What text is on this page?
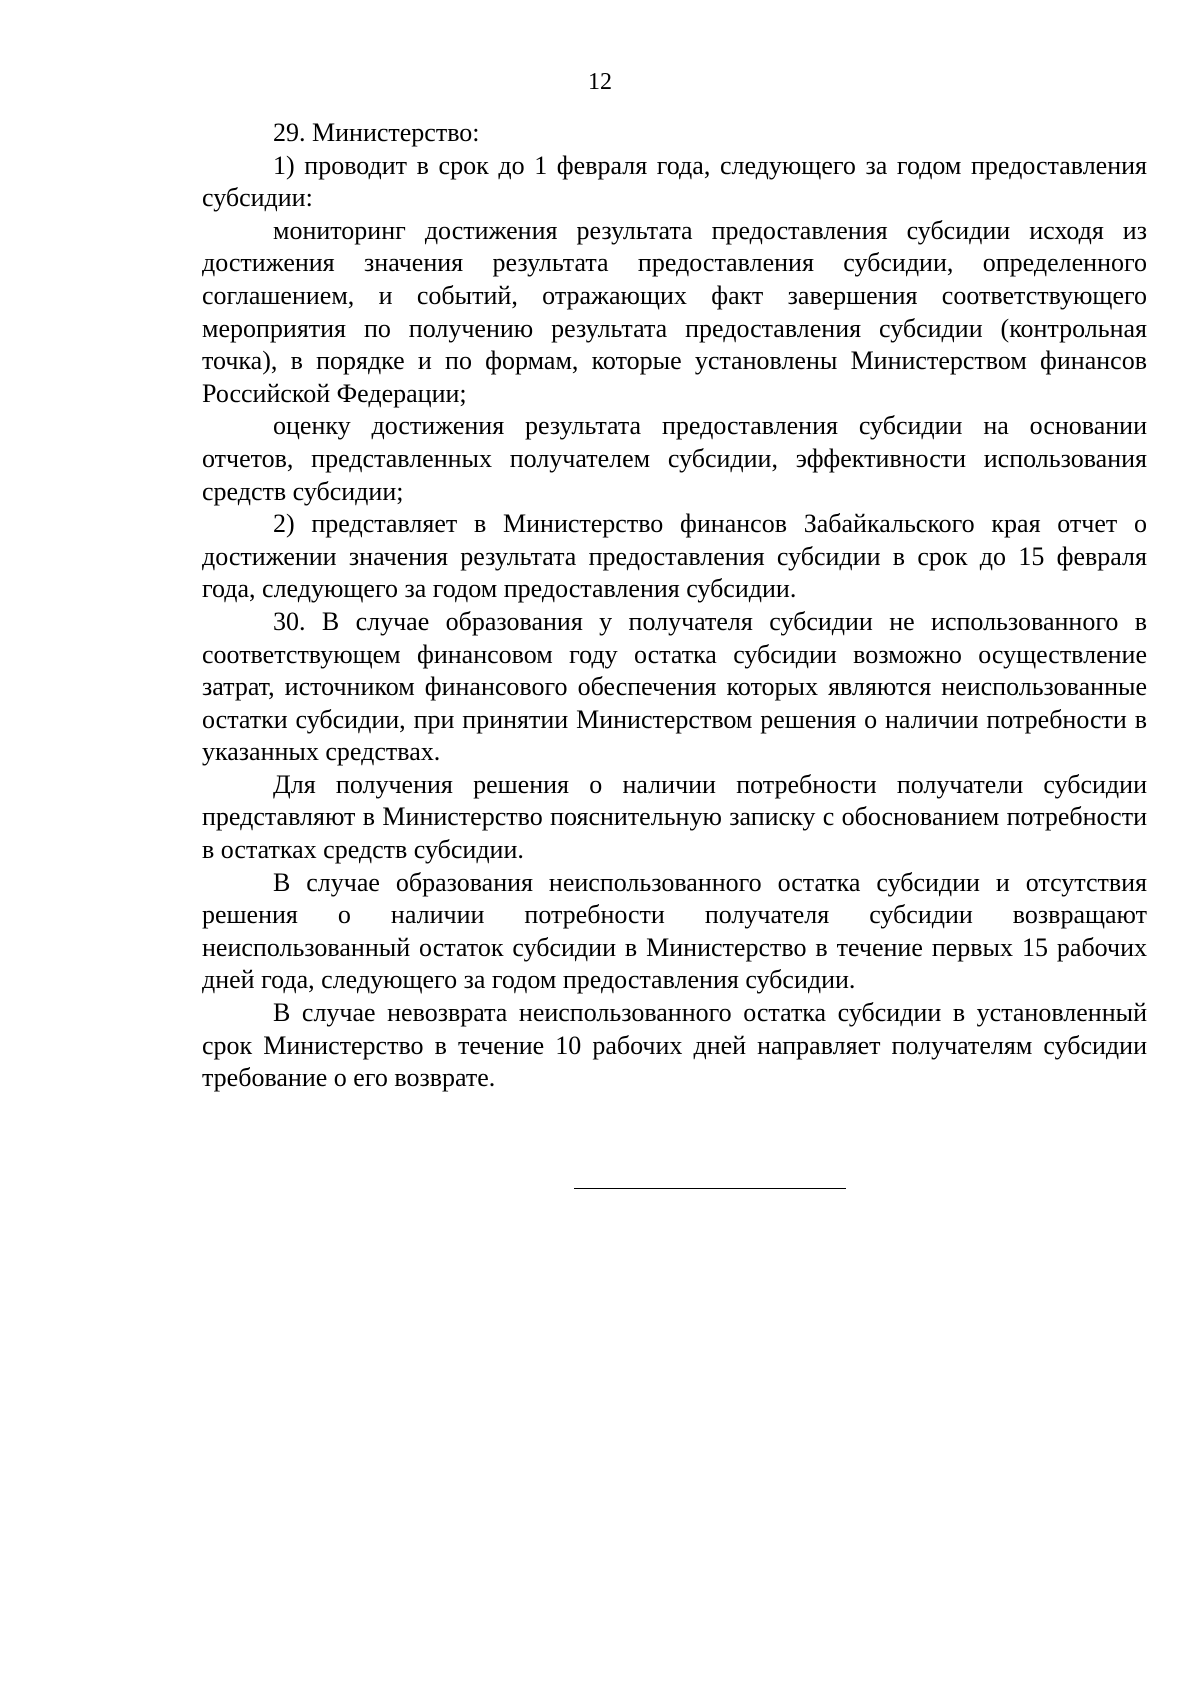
12

29. Министерство:

1) проводит в срок до 1 февраля года, следующего за годом предоставления субсидии:

мониторинг достижения результата предоставления субсидии исходя из достижения значения результата предоставления субсидии, определенного соглашением, и событий, отражающих факт завершения соответствующего мероприятия по получению результата предоставления субсидии (контрольная точка), в порядке и по формам, которые установлены Министерством финансов Российской Федерации;

оценку достижения результата предоставления субсидии на основании отчетов, представленных получателем субсидии, эффективности использования средств субсидии;

2) представляет в Министерство финансов Забайкальского края отчет о достижении значения результата предоставления субсидии в срок до 15 февраля года, следующего за годом предоставления субсидии.

30. В случае образования у получателя субсидии не использованного в соответствующем финансовом году остатка субсидии возможно осуществление затрат, источником финансового обеспечения которых являются неиспользованные остатки субсидии, при принятии Министерством решения о наличии потребности в указанных средствах.

Для получения решения о наличии потребности получатели субсидии представляют в Министерство пояснительную записку с обоснованием потребности в остатках средств субсидии.

В случае образования неиспользованного остатка субсидии и отсутствия решения о наличии потребности получателя субсидии возвращают неиспользованный остаток субсидии в Министерство в течение первых 15 рабочих дней года, следующего за годом предоставления субсидии.

В случае невозврата неиспользованного остатка субсидии в установленный срок Министерство в течение 10 рабочих дней направляет получателям субсидии требование о его возврате.
